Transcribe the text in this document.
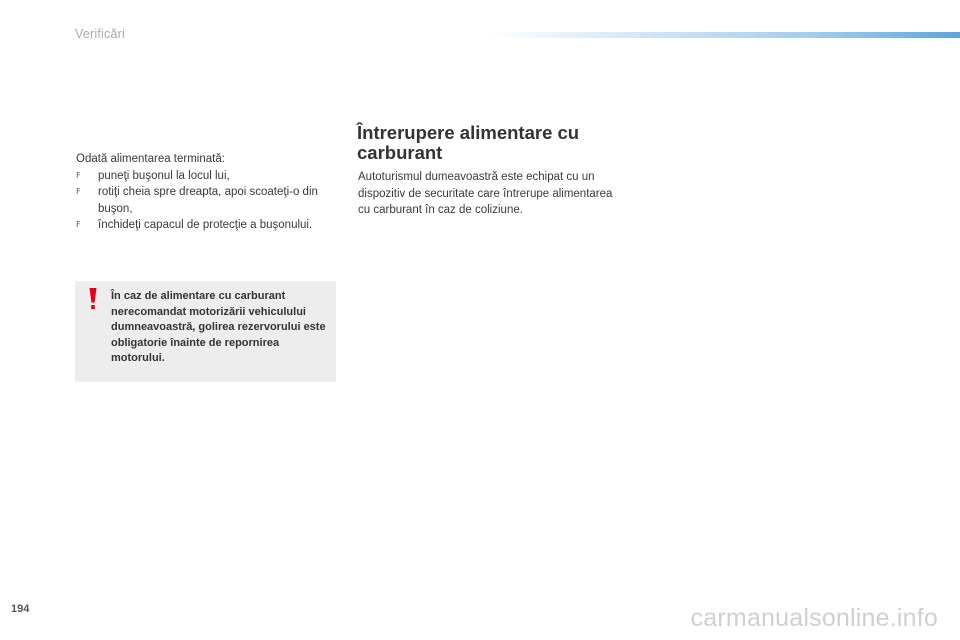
Verificări

Odată alimentarea terminată:

F	puneţi buşonul la locul lui,
F	rotiţi cheia spre dreapta, apoi scoateţi-o din buşon,
F	închideţi capacul de protecţie a buşonului.
În caz de alimentare cu carburant nerecomandat motorizării vehiculului dumneavoastră, golirea rezervorului este obligatorie înainte de repornirea motorului.
Întrerupere alimentare cu carburant

Autoturismul dumeavoastră este echipat cu un dispozitiv de securitate care întrerupe alimentarea cu carburant în caz de coliziune.

194	carmanualsonline.info
